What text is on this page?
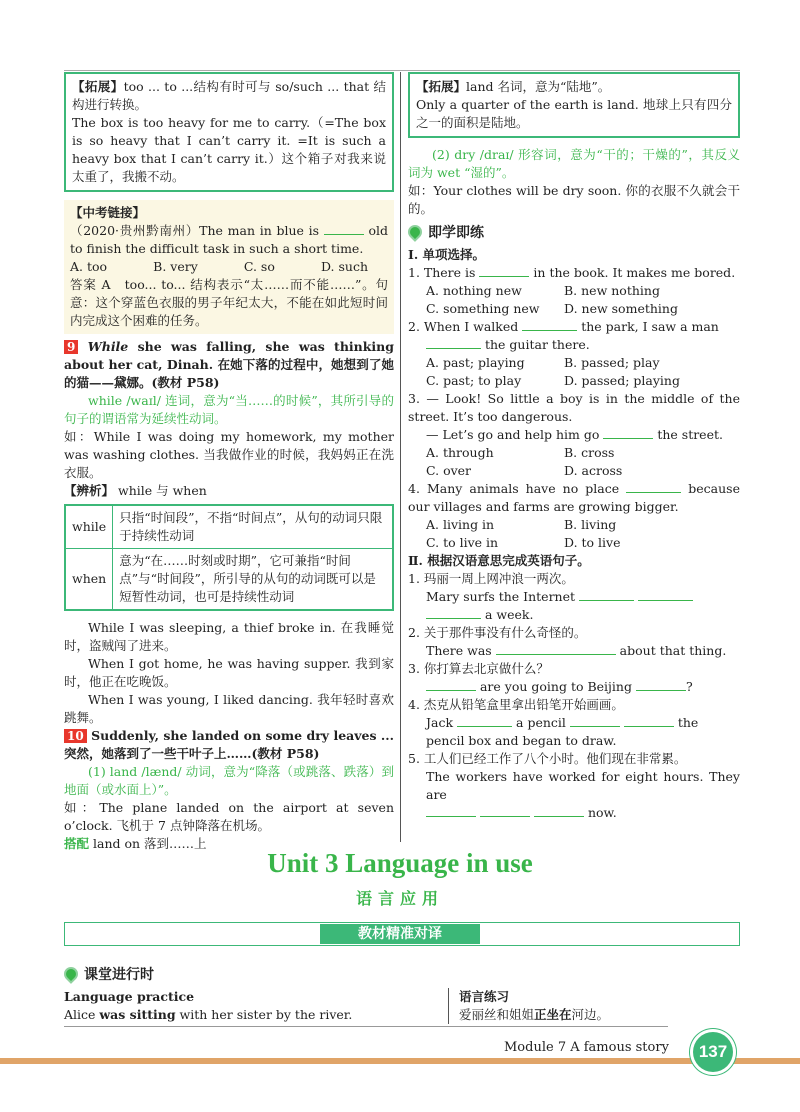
【拓展】too ... to ...结构有时可与 so/such ... that 结构进行转换。

The box is too heavy for me to carry.（=The box is so heavy that I can’t carry it. =It is such a heavy box that I can’t carry it.）这个箱子对我来说太重了，我搬不动。

【中考链接】

（2020·贵州黔南州）The man in blue is	old to finish the difficult task in such a short time.

A. too	B. very	C. so	D. such

答案 A　too... to... 结构表示“太……而不能……”。句意：这个穿蓝色衣服的男子年纪太大，不能在如此短时间内完成这个困难的任务。

9 While she was falling, she was thinking about her cat, Dinah. 在她下落的过程中，她想到了她的猫——黛娜。(教材 P58)

while /waɪl/ 连词，意为“当……的时候”，其所引导的句子的谓语常为延续性动词。

如：While I was doing my homework, my mother was washing clothes. 当我做作业的时候，我妈妈正在洗衣服。

【辨析】 while 与 when

while	只指“时间段”，不指“时间点”，从句的动词只限于持续性动词
when	意为“在……时刻或时期”，它可兼指“时间点”与“时间段”，所引导的从句的动词既可以是短暂性动词，也可是持续性动词

While I was sleeping, a thief broke in. 在我睡觉时，盗贼闯了进来。

When I got home, he was having supper. 我到家时，他正在吃晚饭。

When I was young, I liked dancing. 我年轻时喜欢跳舞。

10 Suddenly, she landed on some dry leaves ...突然，她落到了一些干叶子上……(教材 P58)

(1) land /lænd/ 动词，意为“降落（或跳落、跌落）到地面（或水面上）”。

如：The plane landed on the airport at seven o’clock. 飞机于 7 点钟降落在机场。

搭配 land on 落到……上

【拓展】land 名词，意为“陆地”。

Only a quarter of the earth is land. 地球上只有四分之一的面积是陆地。

(2) dry /draɪ/ 形容词，意为“干的；干燥的”，其反义词为 wet “湿的”。

如：Your clothes will be dry soon. 你的衣服不久就会干的。

即学即练

Ⅰ. 单项选择。

1. There is	in the book. It makes me bored.

A. nothing new	B. new nothing
C. something new	D. new something

2. When I walked	the park, I saw a man

the guitar there.

A. past; playing	B. passed; play
C. past; to play	D. passed; playing

3. — Look! So little a boy is in the middle of the street. It’s too dangerous.

— Let’s go and help him go	the street.

A. through	B. cross
C. over	D. across

4. Many animals have no place	because our villages and farms are growing bigger.

A. living in	B. living
C. to live in	D. to live

Ⅱ. 根据汉语意思完成英语句子。

1. 玛丽一周上网冲浪一两次。

Mary surfs the Internet

a week.

2. 关于那件事没有什么奇怪的。

There was	about that thing.

3. 你打算去北京做什么？

are you going to Beijing	?

4. 杰克从铅笔盒里拿出铅笔开始画画。

Jack	a pencil	the

pencil box and began to draw.

5. 工人们已经工作了八个小时。他们现在非常累。

The workers have worked for eight hours. They are

now.

Unit 3 Language in use
语言应用
教材精准对译
课堂进行时

Language practice

Alice was sitting with her sister by the river.

语言练习

爱丽丝和姐姐正坐在河边。

Module 7 A famous story	137
